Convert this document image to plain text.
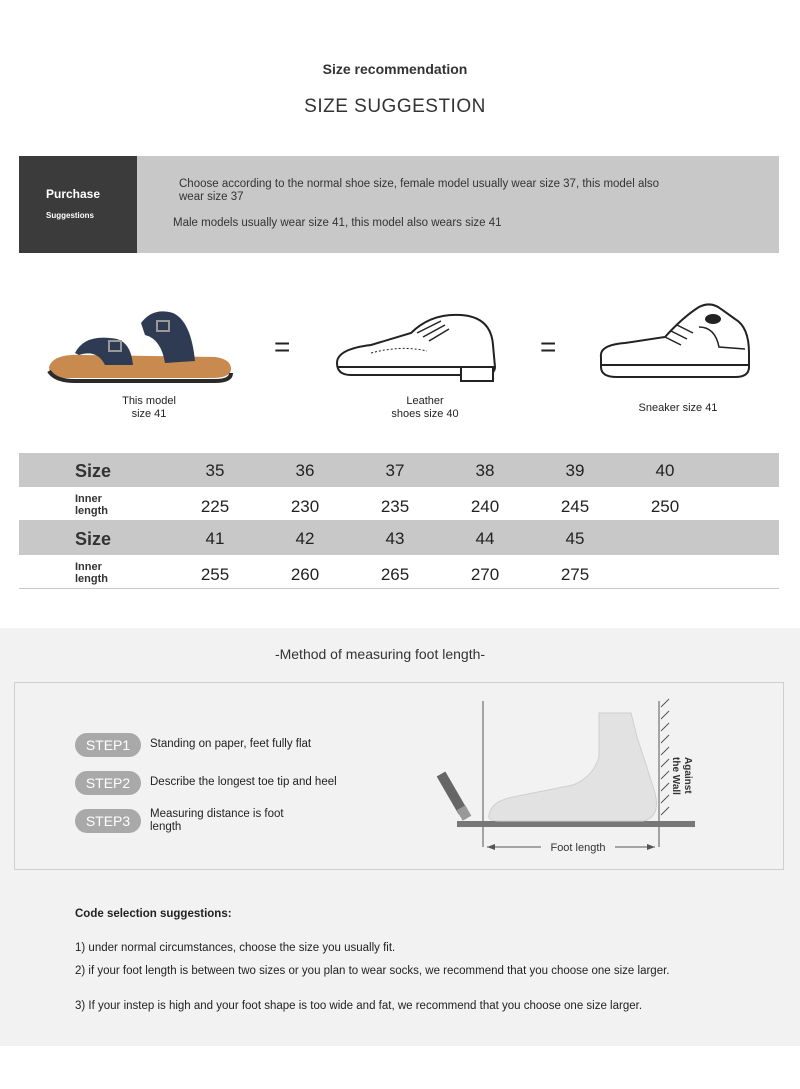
Size recommendation
SIZE SUGGESTION
Purchase
Suggestions
Choose according to the normal shoe size, female model usually wear size 37, this model also wear size 37
Male models usually wear size 41, this model also wears size 41
This model
size 41
=
Leather
shoes size 40
=
Sneaker size 41
Size	35	36	37	38	39	40
Inner
length	225	230	235	240	245	250
Size	41	42	43	44	45
Inner
length	255	260	265	270	275
-Method of measuring foot length-
STEP1	Standing on paper, feet fully flat
STEP2	Describe the longest toe tip and heel
STEP3	Measuring distance is foot
length
Against
the Wall
Foot length
Code selection suggestions:
1) under normal circumstances, choose the size you usually fit.
2) if your foot length is between two sizes or you plan to wear socks, we recommend that you choose one size larger.
3) If your instep is high and your foot shape is too wide and fat, we recommend that you choose one size larger.
